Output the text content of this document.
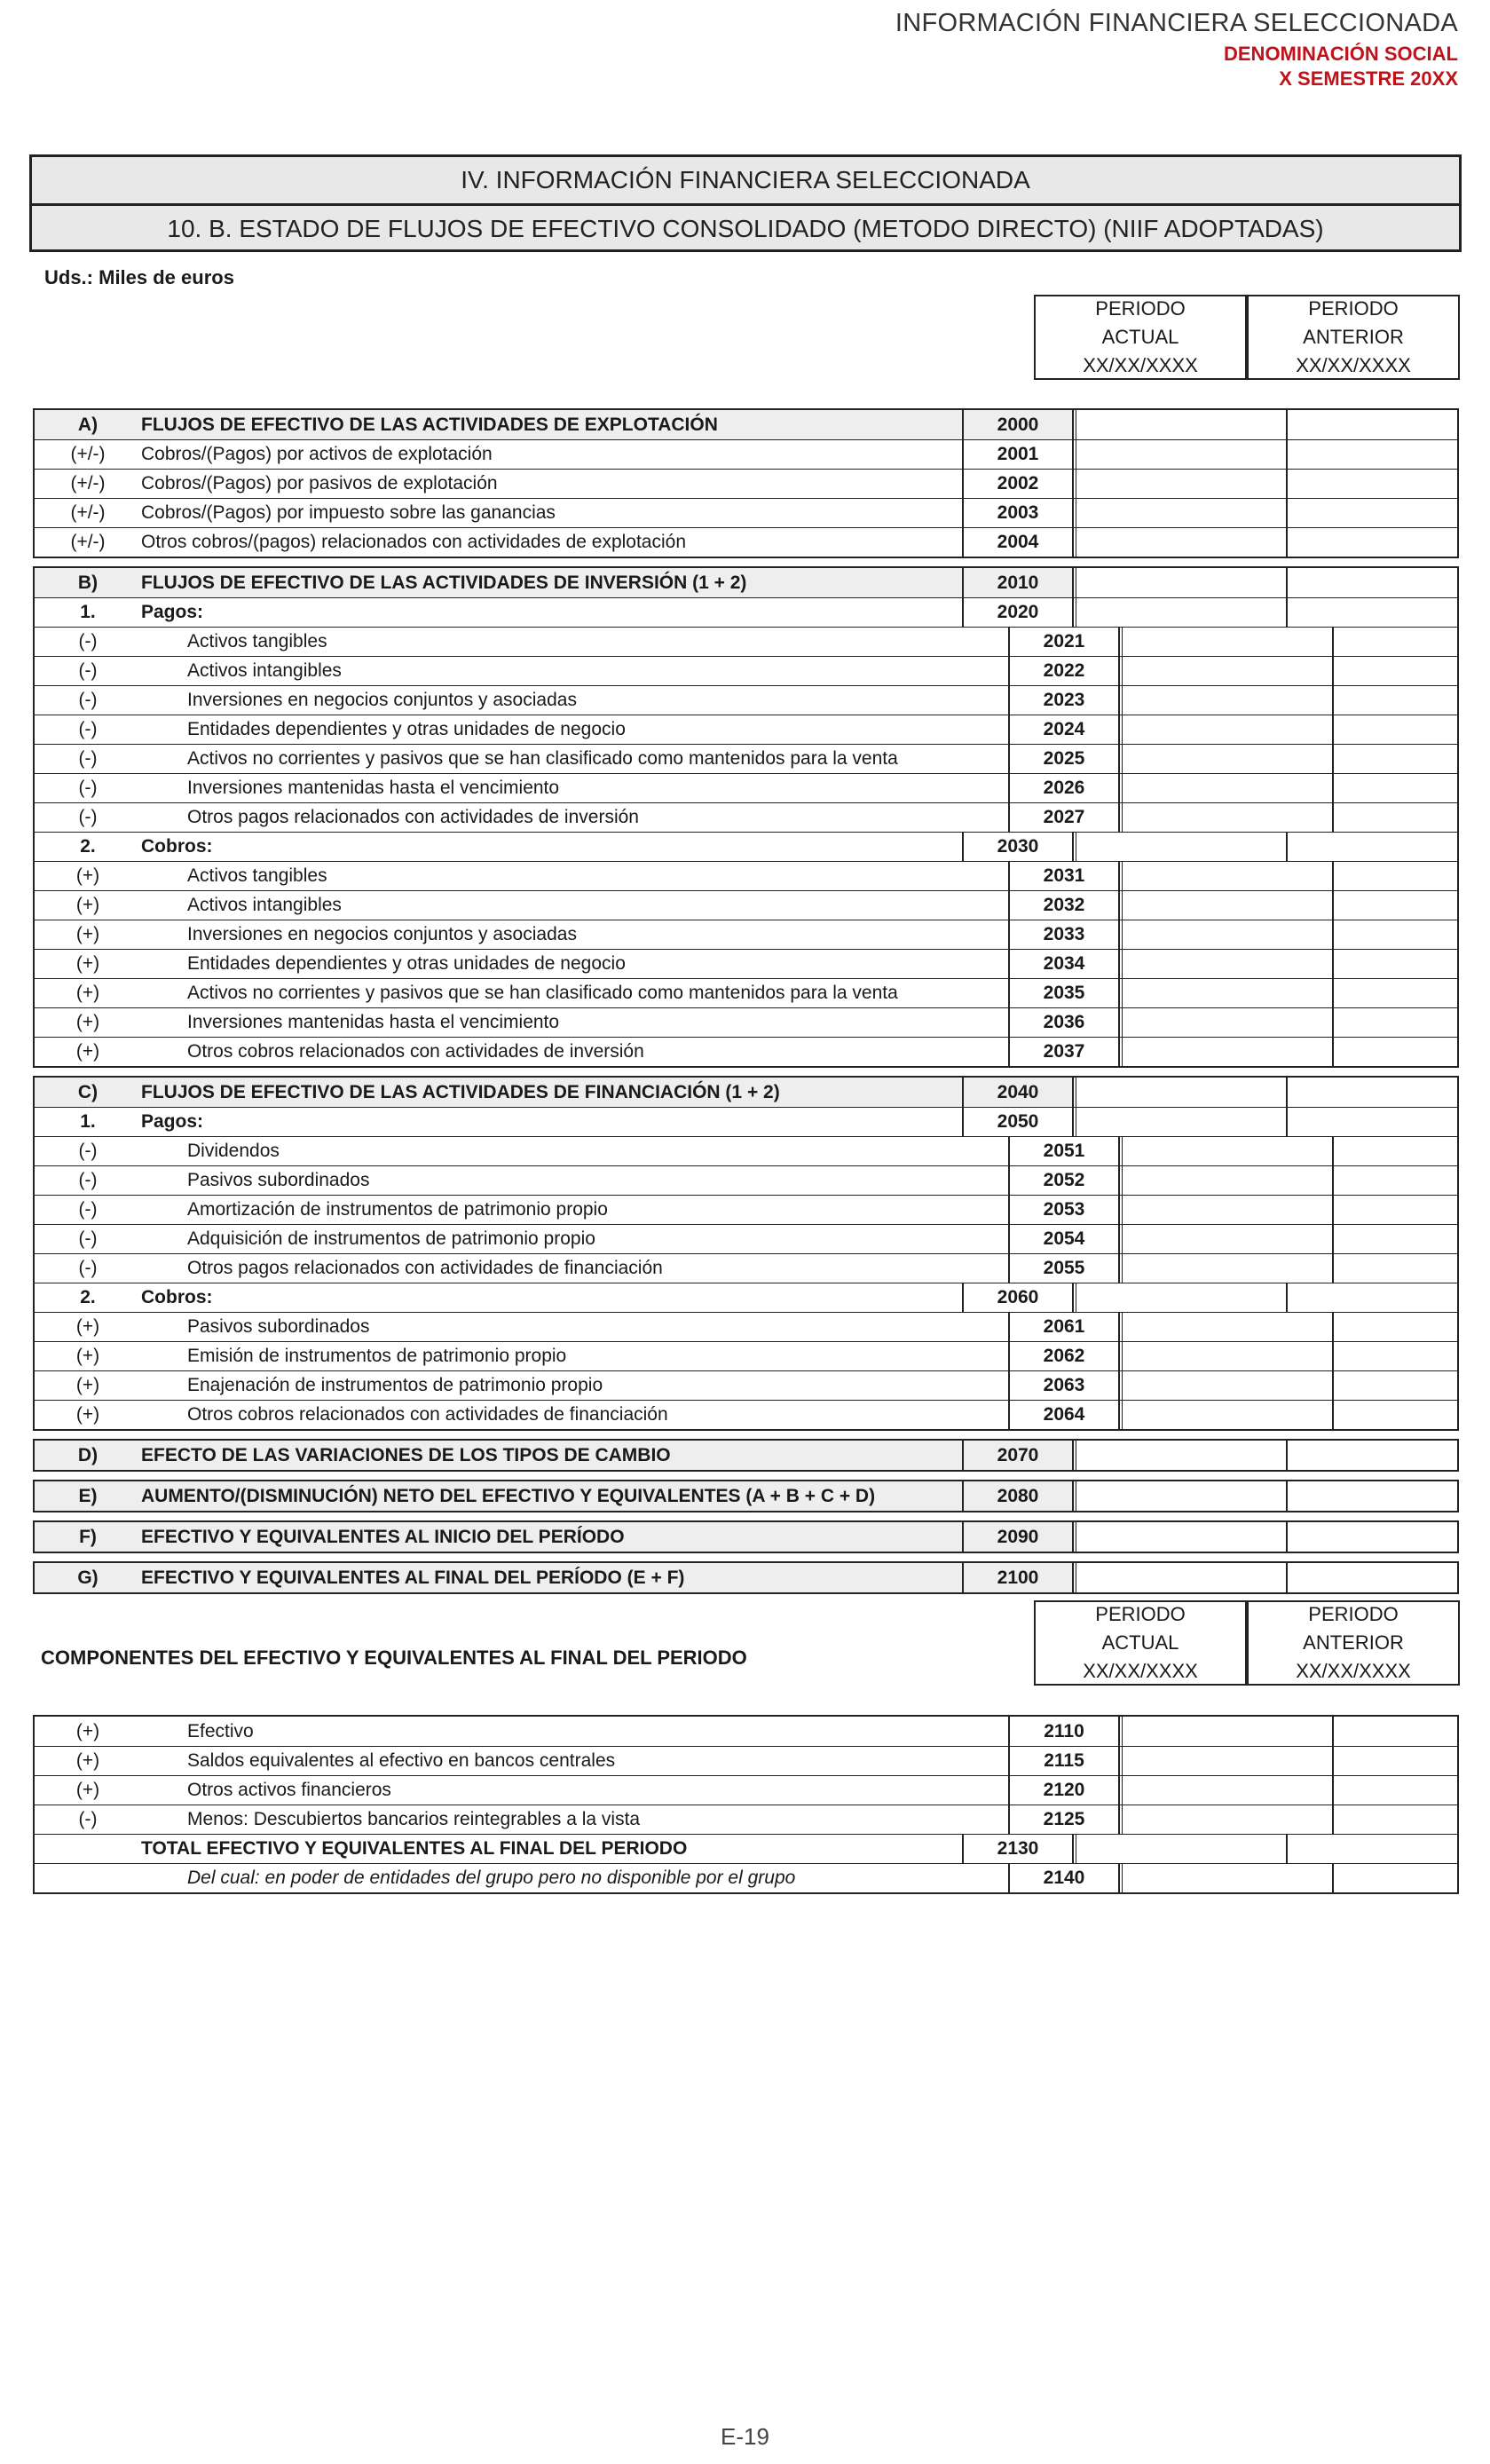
INFORMACIÓN FINANCIERA SELECCIONADA
DENOMINACIÓN SOCIAL
X SEMESTRE 20XX
IV. INFORMACIÓN FINANCIERA SELECCIONADA
10. B. ESTADO DE FLUJOS DE EFECTIVO CONSOLIDADO (METODO DIRECTO) (NIIF ADOPTADAS)
Uds.: Miles de euros
PERIODO
ACTUAL
XX/XX/XXXX
PERIODO
ANTERIOR
XX/XX/XXXX
A)	FLUJOS DE EFECTIVO DE LAS ACTIVIDADES DE EXPLOTACIÓN	2000
(+/-)	Cobros/(Pagos) por activos de explotación	2001
(+/-)	Cobros/(Pagos) por pasivos de explotación	2002
(+/-)	Cobros/(Pagos) por impuesto sobre las ganancias	2003
(+/-)	Otros cobros/(pagos) relacionados con actividades de explotación	2004
B)	FLUJOS DE EFECTIVO DE LAS ACTIVIDADES DE INVERSIÓN (1 + 2)	2010
1.	Pagos:	2020
(-)	Activos tangibles	2021
(-)	Activos intangibles	2022
(-)	Inversiones en negocios conjuntos y asociadas	2023
(-)	Entidades dependientes y otras unidades de negocio	2024
(-)	Activos no corrientes y pasivos que se han clasificado como mantenidos para la venta	2025
(-)	Inversiones mantenidas hasta el vencimiento	2026
(-)	Otros pagos relacionados con actividades de inversión	2027
2.	Cobros:	2030
(+)	Activos tangibles	2031
(+)	Activos intangibles	2032
(+)	Inversiones en negocios conjuntos y asociadas	2033
(+)	Entidades dependientes y otras unidades de negocio	2034
(+)	Activos no corrientes y pasivos que se han clasificado como mantenidos para la venta	2035
(+)	Inversiones mantenidas hasta el vencimiento	2036
(+)	Otros cobros relacionados con actividades de inversión	2037
C)	FLUJOS DE EFECTIVO DE LAS ACTIVIDADES DE FINANCIACIÓN (1 + 2)	2040
1.	Pagos:	2050
(-)	Dividendos	2051
(-)	Pasivos subordinados	2052
(-)	Amortización de instrumentos de patrimonio propio	2053
(-)	Adquisición de instrumentos de patrimonio propio	2054
(-)	Otros pagos relacionados con actividades de financiación	2055
2.	Cobros:	2060
(+)	Pasivos subordinados	2061
(+)	Emisión de instrumentos de patrimonio propio	2062
(+)	Enajenación de instrumentos de patrimonio propio	2063
(+)	Otros cobros relacionados con actividades de financiación	2064
D)	EFECTO DE LAS VARIACIONES DE LOS TIPOS DE CAMBIO	2070
E)	AUMENTO/(DISMINUCIÓN) NETO DEL EFECTIVO Y EQUIVALENTES (A + B + C + D)	2080
F)	EFECTIVO Y EQUIVALENTES AL INICIO DEL PERÍODO	2090
G)	EFECTIVO Y EQUIVALENTES AL FINAL DEL PERÍODO (E + F)	2100
COMPONENTES DEL EFECTIVO Y EQUIVALENTES AL FINAL DEL PERIODO
PERIODO
ACTUAL
XX/XX/XXXX
PERIODO
ANTERIOR
XX/XX/XXXX
(+)	Efectivo	2110
(+)	Saldos equivalentes al efectivo en bancos centrales	2115
(+)	Otros activos financieros	2120
(-)	Menos: Descubiertos bancarios reintegrables a la vista	2125
TOTAL EFECTIVO Y EQUIVALENTES AL FINAL DEL PERIODO	2130
Del cual: en poder de entidades del grupo pero no disponible por el grupo	2140
E-19
